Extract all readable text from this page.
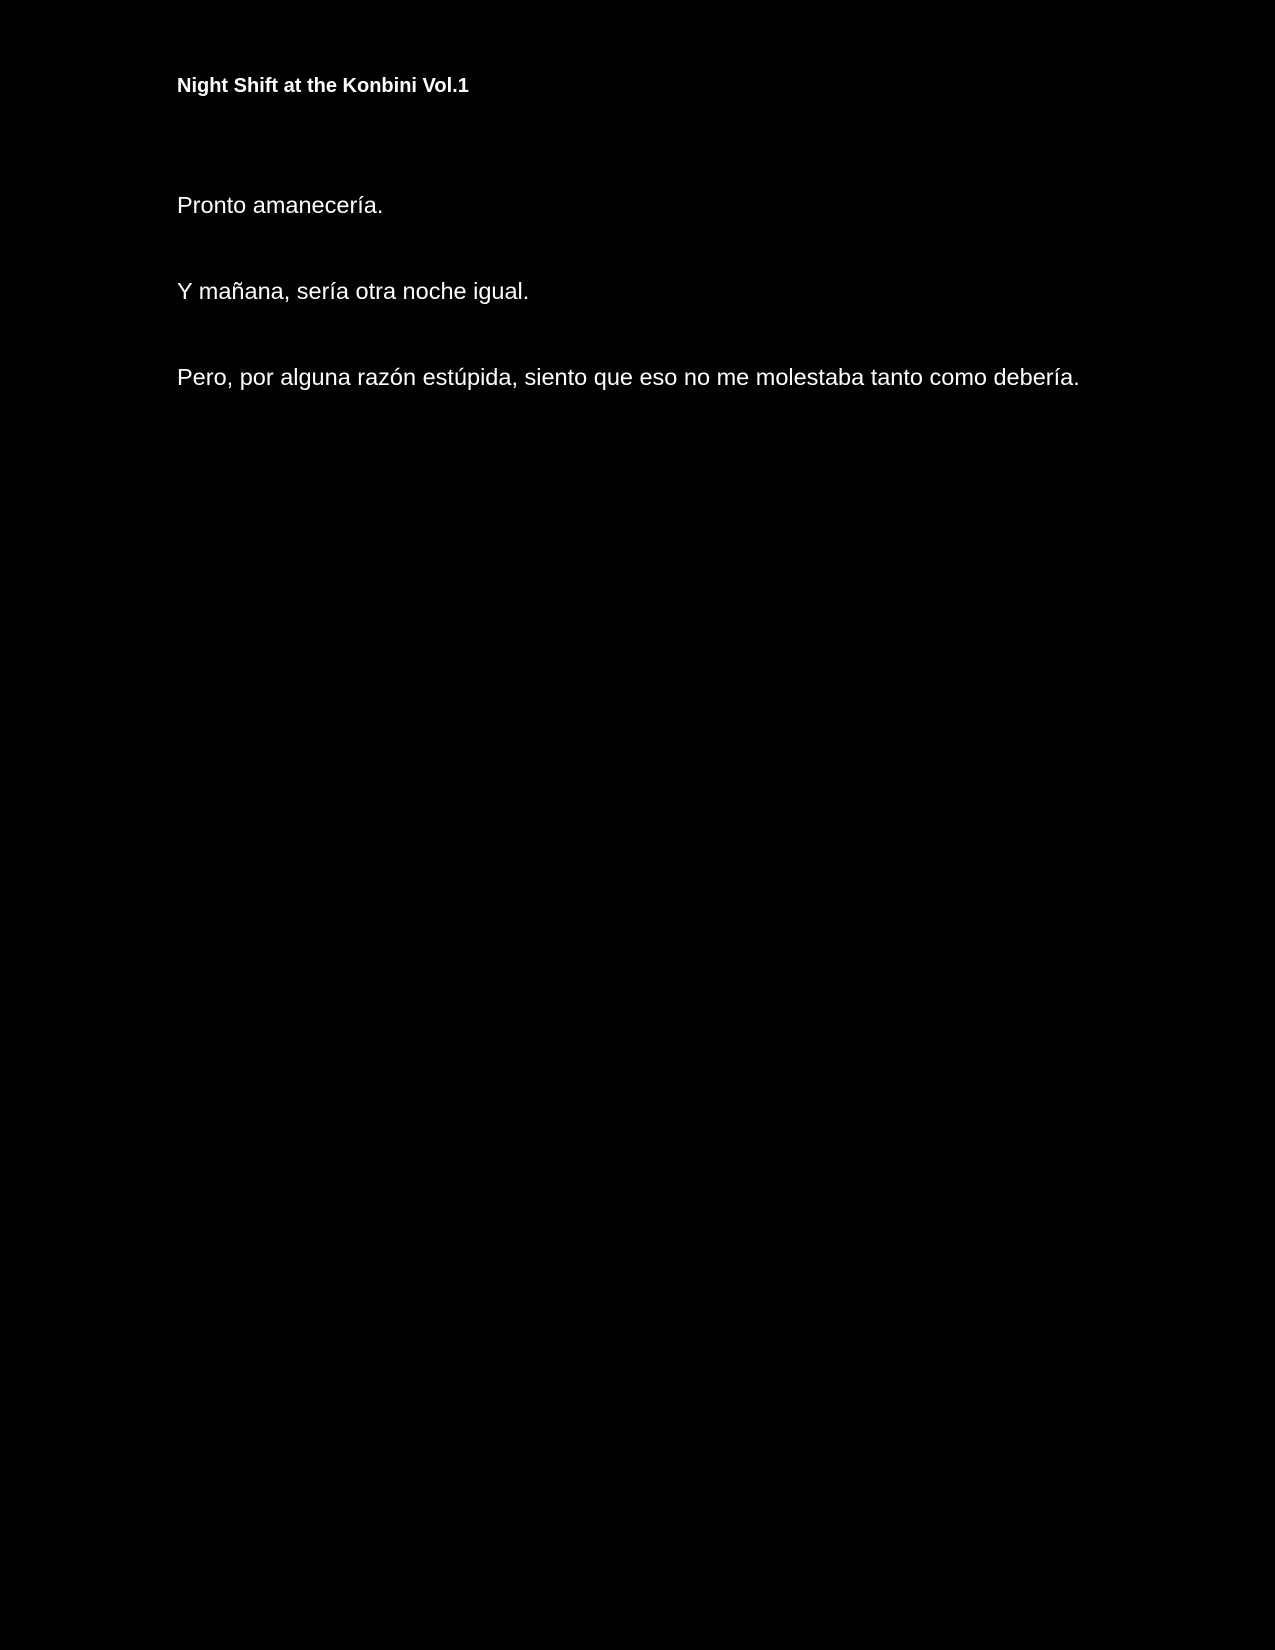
Night Shift at the Konbini Vol.1

Pronto amanecería.

Y mañana, sería otra noche igual.

Pero, por alguna razón estúpida, siento que eso no me molestaba tanto como debería.
